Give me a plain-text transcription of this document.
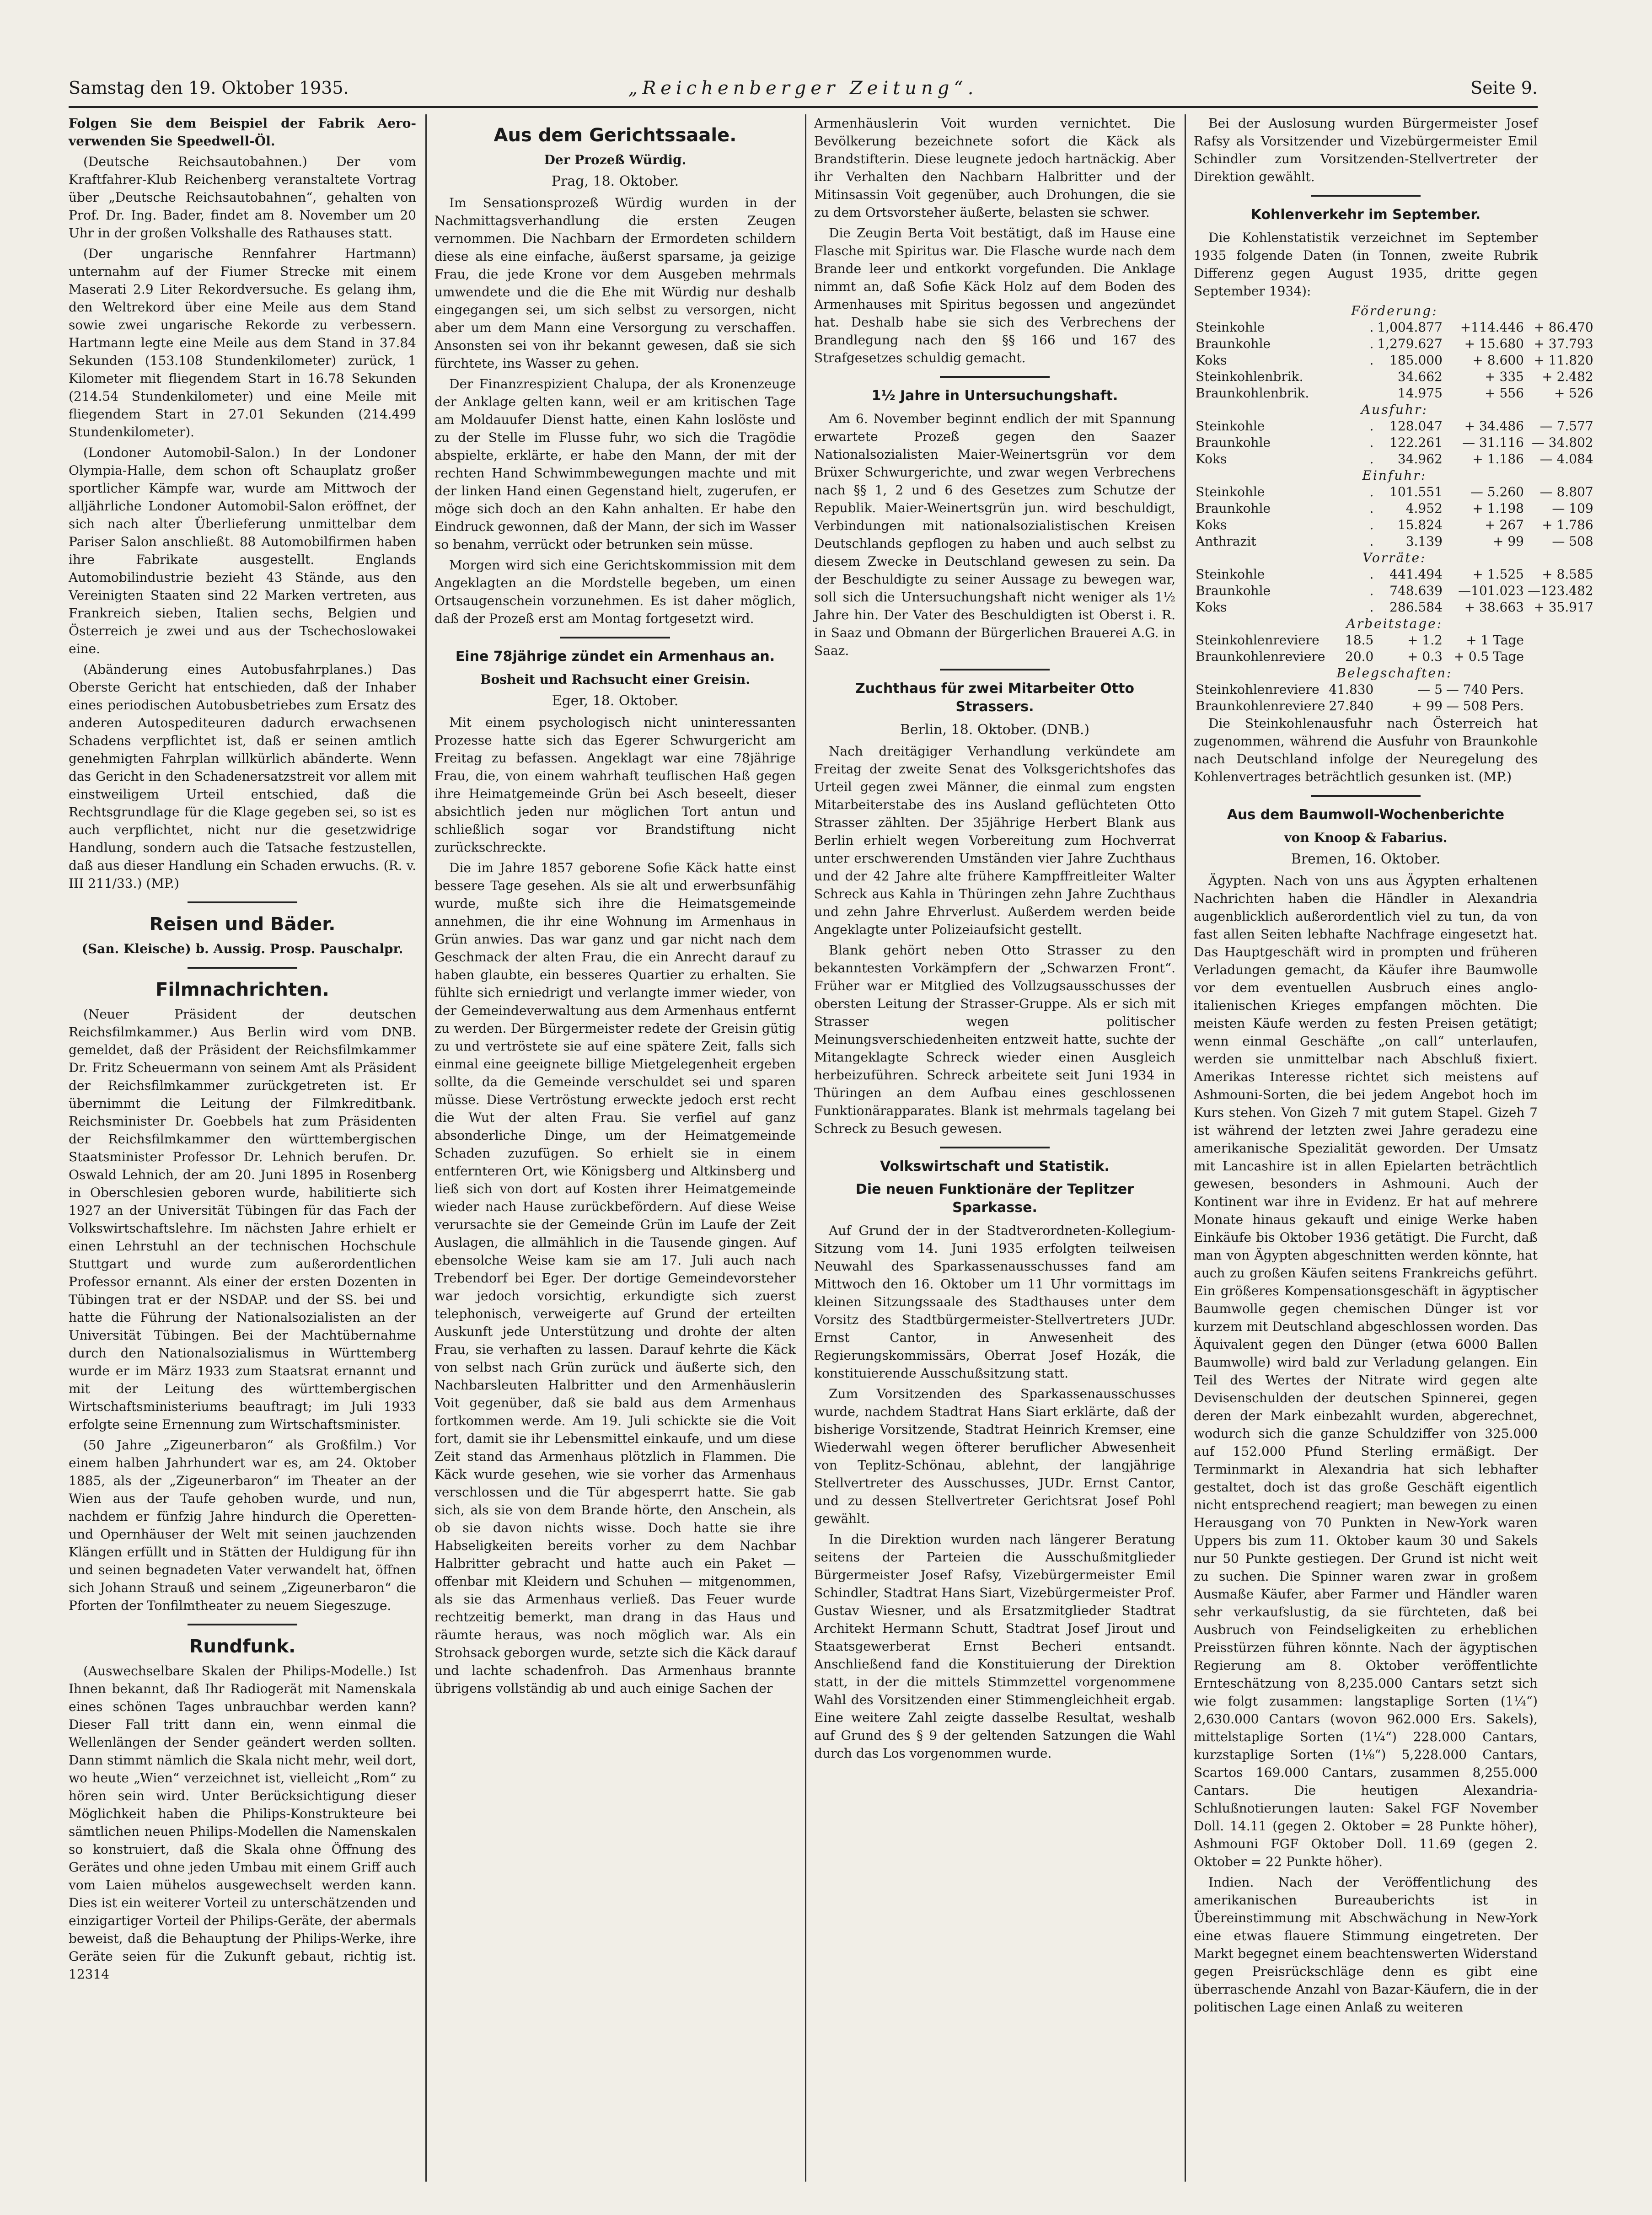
Samstag den 19. Oktober 1935.	„Reichenberger Zeitung“.	Seite 9.

Folgen Sie dem Beispiel der Fabrik Aero-verwenden Sie Speedwell-Öl.

(Deutsche Reichsautobahnen.) Der vom Kraftfahrer-Klub Reichenberg veranstaltete Vortrag über „Deutsche Reichsautobahnen“, gehalten von Prof. Dr. Ing. Bader, findet am 8. November um 20 Uhr in der großen Volkshalle des Rathauses statt.

(Der ungarische Rennfahrer Hartmann) unternahm auf der Fiumer Strecke mit einem Maserati 2.9 Liter Rekordversuche. Es gelang ihm, den Weltrekord über eine Meile aus dem Stand sowie zwei ungarische Rekorde zu verbessern. Hartmann legte eine Meile aus dem Stand in 37.84 Sekunden (153.108 Stundenkilometer) zurück, 1 Kilometer mit fliegendem Start in 16.78 Sekunden (214.54 Stundenkilometer) und eine Meile mit fliegendem Start in 27.01 Sekunden (214.499 Stundenkilometer).

(Londoner Automobil-Salon.) In der Londoner Olympia-Halle, dem schon oft Schauplatz großer sportlicher Kämpfe war, wurde am Mittwoch der alljährliche Londoner Automobil-Salon eröffnet, der sich nach alter Überlieferung unmittelbar dem Pariser Salon anschließt. 88 Automobilfirmen haben ihre Fabrikate ausgestellt. Englands Automobilindustrie bezieht 43 Stände, aus den Vereinigten Staaten sind 22 Marken vertreten, aus Frankreich sieben, Italien sechs, Belgien und Österreich je zwei und aus der Tschechoslowakei eine.

(Abänderung eines Autobusfahrplanes.) Das Oberste Gericht hat entschieden, daß der Inhaber eines periodischen Autobusbetriebes zum Ersatz des anderen Autospediteuren dadurch erwachsenen Schadens verpflichtet ist, daß er seinen amtlich genehmigten Fahrplan willkürlich abänderte. Wenn das Gericht in den Schadenersatzstreit vor allem mit einstweiligem Urteil entschied, daß die Rechtsgrundlage für die Klage gegeben sei, so ist es auch verpflichtet, nicht nur die gesetzwidrige Handlung, sondern auch die Tatsache festzustellen, daß aus dieser Handlung ein Schaden erwuchs. (R. v. III 211/33.) (MP.)

Reisen und Bäder.

(San. Kleische) b. Aussig. Prosp. Pauschalpr.

Filmnachrichten.

(Neuer Präsident der deutschen Reichsfilmkammer.) Aus Berlin wird vom DNB. gemeldet, daß der Präsident der Reichsfilmkammer Dr. Fritz Scheuermann von seinem Amt als Präsident der Reichsfilmkammer zurückgetreten ist. Er übernimmt die Leitung der Filmkreditbank. Reichsminister Dr. Goebbels hat zum Präsidenten der Reichsfilmkammer den württembergischen Staatsminister Professor Dr. Lehnich berufen. Dr. Oswald Lehnich, der am 20. Juni 1895 in Rosenberg in Oberschlesien geboren wurde, habilitierte sich 1927 an der Universität Tübingen für das Fach der Volkswirtschaftslehre. Im nächsten Jahre erhielt er einen Lehrstuhl an der technischen Hochschule Stuttgart und wurde zum außerordentlichen Professor ernannt. Als einer der ersten Dozenten in Tübingen trat er der NSDAP. und der SS. bei und hatte die Führung der Nationalsozialisten an der Universität Tübingen. Bei der Machtübernahme durch den Nationalsozialismus in Württemberg wurde er im März 1933 zum Staatsrat ernannt und mit der Leitung des württembergischen Wirtschaftsministeriums beauftragt; im Juli 1933 erfolgte seine Ernennung zum Wirtschaftsminister.

(50 Jahre „Zigeunerbaron“ als Großfilm.) Vor einem halben Jahrhundert war es, am 24. Oktober 1885, als der „Zigeunerbaron“ im Theater an der Wien aus der Taufe gehoben wurde, und nun, nachdem er fünfzig Jahre hindurch die Operetten- und Opernhäuser der Welt mit seinen jauchzenden Klängen erfüllt und in Stätten der Huldigung für ihn und seinen begnadeten Vater verwandelt hat, öffnen sich Johann Strauß und seinem „Zigeunerbaron“ die Pforten der Tonfilmtheater zu neuem Siegeszuge.

Rundfunk.

(Auswechselbare Skalen der Philips-Modelle.) Ist Ihnen bekannt, daß Ihr Radiogerät mit Namenskala eines schönen Tages unbrauchbar werden kann? Dieser Fall tritt dann ein, wenn einmal die Wellenlängen der Sender geändert werden sollten. Dann stimmt nämlich die Skala nicht mehr, weil dort, wo heute „Wien“ verzeichnet ist, vielleicht „Rom“ zu hören sein wird. Unter Berücksichtigung dieser Möglichkeit haben die Philips-Konstrukteure bei sämtlichen neuen Philips-Modellen die Namenskalen so konstruiert, daß die Skala ohne Öffnung des Gerätes und ohne jeden Umbau mit einem Griff auch vom Laien mühelos ausgewechselt werden kann. Dies ist ein weiterer Vorteil zu unterschätzenden und einzigartiger Vorteil der Philips-Geräte, der abermals beweist, daß die Behauptung der Philips-Werke, ihre Geräte seien für die Zukunft gebaut, richtig ist. 12314

Aus dem Gerichtssaale.
Der Prozeß Würdig.
Prag, 18. Oktober.

Im Sensationsprozeß Würdig wurden in der Nachmittagsverhandlung die ersten Zeugen vernommen. Die Nachbarn der Ermordeten schildern diese als eine einfache, äußerst sparsame, ja geizige Frau, die jede Krone vor dem Ausgeben mehrmals umwendete und die die Ehe mit Würdig nur deshalb eingegangen sei, um sich selbst zu versorgen, nicht aber um dem Mann eine Versorgung zu verschaffen. Ansonsten sei von ihr bekannt gewesen, daß sie sich fürchtete, ins Wasser zu gehen.

Der Finanzrespizient Chalupa, der als Kronenzeuge der Anklage gelten kann, weil er am kritischen Tage am Moldauufer Dienst hatte, einen Kahn loslöste und zu der Stelle im Flusse fuhr, wo sich die Tragödie abspielte, erklärte, er habe den Mann, der mit der rechten Hand Schwimmbewegungen machte und mit der linken Hand einen Gegenstand hielt, zugerufen, er möge sich doch an den Kahn anhalten. Er habe den Eindruck gewonnen, daß der Mann, der sich im Wasser so benahm, verrückt oder betrunken sein müsse.

Morgen wird sich eine Gerichtskommission mit dem Angeklagten an die Mordstelle begeben, um einen Ortsaugenschein vorzunehmen. Es ist daher möglich, daß der Prozeß erst am Montag fortgesetzt wird.

Eine 78jährige zündet ein Armenhaus an.
Bosheit und Rachsucht einer Greisin.
Eger, 18. Oktober.

Mit einem psychologisch nicht uninteressanten Prozesse hatte sich das Egerer Schwurgericht am Freitag zu befassen. Angeklagt war eine 78jährige Frau, die, von einem wahrhaft teuflischen Haß gegen ihre Heimatgemeinde Grün bei Asch beseelt, dieser absichtlich jeden nur möglichen Tort antun und schließlich sogar vor Brandstiftung nicht zurückschreckte.

Die im Jahre 1857 geborene Sofie Käck hatte einst bessere Tage gesehen. Als sie alt und erwerbsunfähig wurde, mußte sich ihre die Heimatsgemeinde annehmen, die ihr eine Wohnung im Armenhaus in Grün anwies. Das war ganz und gar nicht nach dem Geschmack der alten Frau, die ein Anrecht darauf zu haben glaubte, ein besseres Quartier zu erhalten. Sie fühlte sich erniedrigt und verlangte immer wieder, von der Gemeindeverwaltung aus dem Armenhaus entfernt zu werden. Der Bürgermeister redete der Greisin gütig zu und vertröstete sie auf eine spätere Zeit, falls sich einmal eine geeignete billige Mietgelegenheit ergeben sollte, da die Gemeinde verschuldet sei und sparen müsse. Diese Vertröstung erweckte jedoch erst recht die Wut der alten Frau. Sie verfiel auf ganz absonderliche Dinge, um der Heimatgemeinde Schaden zuzufügen. So erhielt sie in einem entfernteren Ort, wie Königsberg und Altkinsberg und ließ sich von dort auf Kosten ihrer Heimatgemeinde wieder nach Hause zurückbefördern. Auf diese Weise verursachte sie der Gemeinde Grün im Laufe der Zeit Auslagen, die allmählich in die Tausende gingen. Auf ebensolche Weise kam sie am 17. Juli auch nach Trebendorf bei Eger. Der dortige Gemeindevorsteher war jedoch vorsichtig, erkundigte sich zuerst telephonisch, verweigerte auf Grund der erteilten Auskunft jede Unterstützung und drohte der alten Frau, sie verhaften zu lassen. Darauf kehrte die Käck von selbst nach Grün zurück und äußerte sich, den Nachbarsleuten Halbritter und den Armenhäuslerin Voit gegenüber, daß sie bald aus dem Armenhaus fortkommen werde. Am 19. Juli schickte sie die Voit fort, damit sie ihr Lebensmittel einkaufe, und um diese Zeit stand das Armenhaus plötzlich in Flammen. Die Käck wurde gesehen, wie sie vorher das Armenhaus verschlossen und die Tür abgesperrt hatte. Sie gab sich, als sie von dem Brande hörte, den Anschein, als ob sie davon nichts wisse. Doch hatte sie ihre Habseligkeiten bereits vorher zu dem Nachbar Halbritter gebracht und hatte auch ein Paket — offenbar mit Kleidern und Schuhen — mitgenommen, als sie das Armenhaus verließ. Das Feuer wurde rechtzeitig bemerkt, man drang in das Haus und räumte heraus, was noch möglich war. Als ein Strohsack geborgen wurde, setzte sich die Käck darauf und lachte schadenfroh. Das Armenhaus brannte übrigens vollständig ab und auch einige Sachen der

Armenhäuslerin Voit wurden vernichtet. Die Bevölkerung bezeichnete sofort die Käck als Brandstifterin. Diese leugnete jedoch hartnäckig. Aber ihr Verhalten den Nachbarn Halbritter und der Mitinsassin Voit gegenüber, auch Drohungen, die sie zu dem Ortsvorsteher äußerte, belasten sie schwer.

Die Zeugin Berta Voit bestätigt, daß im Hause eine Flasche mit Spiritus war. Die Flasche wurde nach dem Brande leer und entkorkt vorgefunden. Die Anklage nimmt an, daß Sofie Käck Holz auf dem Boden des Armenhauses mit Spiritus begossen und angezündet hat. Deshalb habe sie sich des Verbrechens der Brandlegung nach den §§ 166 und 167 des Strafgesetzes schuldig gemacht.

1½ Jahre in Untersuchungshaft.

Am 6. November beginnt endlich der mit Spannung erwartete Prozeß gegen den Saazer Nationalsozialisten Maier-Weinertsgrün vor dem Brüxer Schwurgerichte, und zwar wegen Verbrechens nach §§ 1, 2 und 6 des Gesetzes zum Schutze der Republik. Maier-Weinertsgrün jun. wird beschuldigt, Verbindungen mit nationalsozialistischen Kreisen Deutschlands gepflogen zu haben und auch selbst zu diesem Zwecke in Deutschland gewesen zu sein. Da der Beschuldigte zu seiner Aussage zu bewegen war, soll sich die Untersuchungshaft nicht weniger als 1½ Jahre hin. Der Vater des Beschuldigten ist Oberst i. R. in Saaz und Obmann der Bürgerlichen Brauerei A.G. in Saaz.

Zuchthaus für zwei Mitarbeiter Otto Strassers.
Berlin, 18. Oktober. (DNB.)

Nach dreitägiger Verhandlung verkündete am Freitag der zweite Senat des Volksgerichtshofes das Urteil gegen zwei Männer, die einmal zum engsten Mitarbeiterstabe des ins Ausland geflüchteten Otto Strasser zählten. Der 35jährige Herbert Blank aus Berlin erhielt wegen Vorbereitung zum Hochverrat unter erschwerenden Umständen vier Jahre Zuchthaus und der 42 Jahre alte frühere Kampffreitleiter Walter Schreck aus Kahla in Thüringen zehn Jahre Zuchthaus und zehn Jahre Ehrverlust. Außerdem werden beide Angeklagte unter Polizeiaufsicht gestellt.

Blank gehört neben Otto Strasser zu den bekanntesten Vorkämpfern der „Schwarzen Front“. Früher war er Mitglied des Vollzugsausschusses der obersten Leitung der Strasser-Gruppe. Als er sich mit Strasser wegen politischer Meinungsverschiedenheiten entzweit hatte, suchte der Mitangeklagte Schreck wieder einen Ausgleich herbeizuführen. Schreck arbeitete seit Juni 1934 in Thüringen an dem Aufbau eines geschlossenen Funktionärapparates. Blank ist mehrmals tagelang bei Schreck zu Besuch gewesen.

Volkswirtschaft und Statistik.
Die neuen Funktionäre der Teplitzer Sparkasse.

Auf Grund der in der Stadtverordneten-Kollegium-Sitzung vom 14. Juni 1935 erfolgten teilweisen Neuwahl des Sparkassenausschusses fand am Mittwoch den 16. Oktober um 11 Uhr vormittags im kleinen Sitzungssaale des Stadthauses unter dem Vorsitz des Stadtbürgermeister-Stellvertreters JUDr. Ernst Cantor, in Anwesenheit des Regierungskommissärs, Oberrat Josef Hozák, die konstituierende Ausschußsitzung statt.

Zum Vorsitzenden des Sparkassenausschusses wurde, nachdem Stadtrat Hans Siart erklärte, daß der bisherige Vorsitzende, Stadtrat Heinrich Kremser, eine Wiederwahl wegen öfterer beruflicher Abwesenheit von Teplitz-Schönau, ablehnt, der langjährige Stellvertreter des Ausschusses, JUDr. Ernst Cantor, und zu dessen Stellvertreter Gerichtsrat Josef Pohl gewählt.

In die Direktion wurden nach längerer Beratung seitens der Parteien die Ausschußmitglieder Bürgermeister Josef Rafsy, Vizebürgermeister Emil Schindler, Stadtrat Hans Siart, Vizebürgermeister Prof. Gustav Wiesner, und als Ersatzmitglieder Stadtrat Architekt Hermann Schutt, Stadtrat Josef Jirout und Staatsgewerberat Ernst Becheri entsandt. Anschließend fand die Konstituierung der Direktion statt, in der die mittels Stimmzettel vorgenommene Wahl des Vorsitzenden einer Stimmengleichheit ergab. Eine weitere Zahl zeigte dasselbe Resultat, weshalb auf Grund des § 9 der geltenden Satzungen die Wahl durch das Los vorgenommen wurde.

Bei der Auslosung wurden Bürgermeister Josef Rafsy als Vorsitzender und Vizebürgermeister Emil Schindler zum Vorsitzenden-Stellvertreter der Direktion gewählt.

Kohlenverkehr im September.

Die Kohlenstatistik verzeichnet im September 1935 folgende Daten (in Tonnen, zweite Rubrik Differenz gegen August 1935, dritte gegen September 1934):

Förderung:				
Steinkohle	.	1,004.877	+114.446	+ 86.470
Braunkohle	.	1,279.627	+ 15.680	+ 37.793
Koks	.	185.000	+ 8.600	+ 11.820
Steinkohlenbrik.		34.662	+ 335	+ 2.482
Braunkohlenbrik.		14.975	+ 556	+ 526
Ausfuhr:				
Steinkohle	.	128.047	+ 34.486	— 7.577
Braunkohle	.	122.261	— 31.116	— 34.802
Koks	.	34.962	+ 1.186	— 4.084
Einfuhr:				
Steinkohle	.	101.551	— 5.260	— 8.807
Braunkohle	.	4.952	+ 1.198	— 109
Koks	.	15.824	+ 267	+ 1.786
Anthrazit	.	3.139	+ 99	— 508
Vorräte:				
Steinkohle	.	441.494	+ 1.525	+ 8.585
Braunkohle	.	748.639	—101.023	—123.482
Koks	.	286.584	+ 38.663	+ 35.917
Arbeitstage:				
Steinkohlenreviere	18.5	+ 1.2	+ 1 Tage	
Braunkohlenreviere	20.0	+ 0.3	+ 0.5 Tage	
Belegschaften:				
Steinkohlenreviere	41.830	— 5	— 740 Pers.	
Braunkohlenreviere	27.840	+ 99	— 508 Pers.	

Die Steinkohlenausfuhr nach Österreich hat zugenommen, während die Ausfuhr von Braunkohle nach Deutschland infolge der Neuregelung des Kohlenvertrages beträchtlich gesunken ist. (MP.)

Aus dem Baumwoll-Wochenberichte
von Knoop & Fabarius.
Bremen, 16. Oktober.

Ägypten. Nach von uns aus Ägypten erhaltenen Nachrichten haben die Händler in Alexandria augenblicklich außerordentlich viel zu tun, da von fast allen Seiten lebhafte Nachfrage eingesetzt hat. Das Hauptgeschäft wird in prompten und früheren Verladungen gemacht, da Käufer ihre Baumwolle vor dem eventuellen Ausbruch eines anglo-italienischen Krieges empfangen möchten. Die meisten Käufe werden zu festen Preisen getätigt; wenn einmal Geschäfte „on call“ unterlaufen, werden sie unmittelbar nach Abschluß fixiert. Amerikas Interesse richtet sich meistens auf Ashmouni-Sorten, die bei jedem Angebot hoch im Kurs stehen. Von Gizeh 7 mit gutem Stapel. Gizeh 7 ist während der letzten zwei Jahre geradezu eine amerikanische Spezialität geworden. Der Umsatz mit Lancashire ist in allen Epielarten beträchtlich gewesen, besonders in Ashmouni. Auch der Kontinent war ihre in Evidenz. Er hat auf mehrere Monate hinaus gekauft und einige Werke haben Einkäufe bis Oktober 1936 getätigt. Die Furcht, daß man von Ägypten abgeschnitten werden könnte, hat auch zu großen Käufen seitens Frankreichs geführt. Ein größeres Kompensationsgeschäft in ägyptischer Baumwolle gegen chemischen Dünger ist vor kurzem mit Deutschland abgeschlossen worden. Das Äquivalent gegen den Dünger (etwa 6000 Ballen Baumwolle) wird bald zur Verladung gelangen. Ein Teil des Wertes der Nitrate wird gegen alte Devisenschulden der deutschen Spinnerei, gegen deren der Mark einbezahlt wurden, abgerechnet, wodurch sich die ganze Schuldziffer von 325.000 auf 152.000 Pfund Sterling ermäßigt. Der Terminmarkt in Alexandria hat sich lebhafter gestaltet, doch ist das große Geschäft eigentlich nicht entsprechend reagiert; man bewegen zu einen Herausgang von 70 Punkten in New-York waren Uppers bis zum 11. Oktober kaum 30 und Sakels nur 50 Punkte gestiegen. Der Grund ist nicht weit zu suchen. Die Spinner waren zwar in großem Ausmaße Käufer, aber Farmer und Händler waren sehr verkaufslustig, da sie fürchteten, daß bei Ausbruch von Feindseligkeiten zu erheblichen Preisstürzen führen könnte. Nach der ägyptischen Regierung am 8. Oktober veröffentlichte Ernteschätzung von 8,235.000 Cantars setzt sich wie folgt zusammen: langstaplige Sorten (1¼“) 2,630.000 Cantars (wovon 962.000 Ers. Sakels), mittelstaplige Sorten (1¼“) 228.000 Cantars, kurzstaplige Sorten (1⅛“) 5,228.000 Cantars, Scartos 169.000 Cantars, zusammen 8,255.000 Cantars. Die heutigen Alexandria-Schlußnotierungen lauten: Sakel FGF November Doll. 14.11 (gegen 2. Oktober = 28 Punkte höher), Ashmouni FGF Oktober Doll. 11.69 (gegen 2. Oktober = 22 Punkte höher).

Indien. Nach der Veröffentlichung des amerikanischen Bureauberichts ist in Übereinstimmung mit Abschwächung in New-York eine etwas flauere Stimmung eingetreten. Der Markt begegnet einem beachtenswerten Widerstand gegen Preisrückschläge denn es gibt eine überraschende Anzahl von Bazar-Käufern, die in der politischen Lage einen Anlaß zu weiteren
